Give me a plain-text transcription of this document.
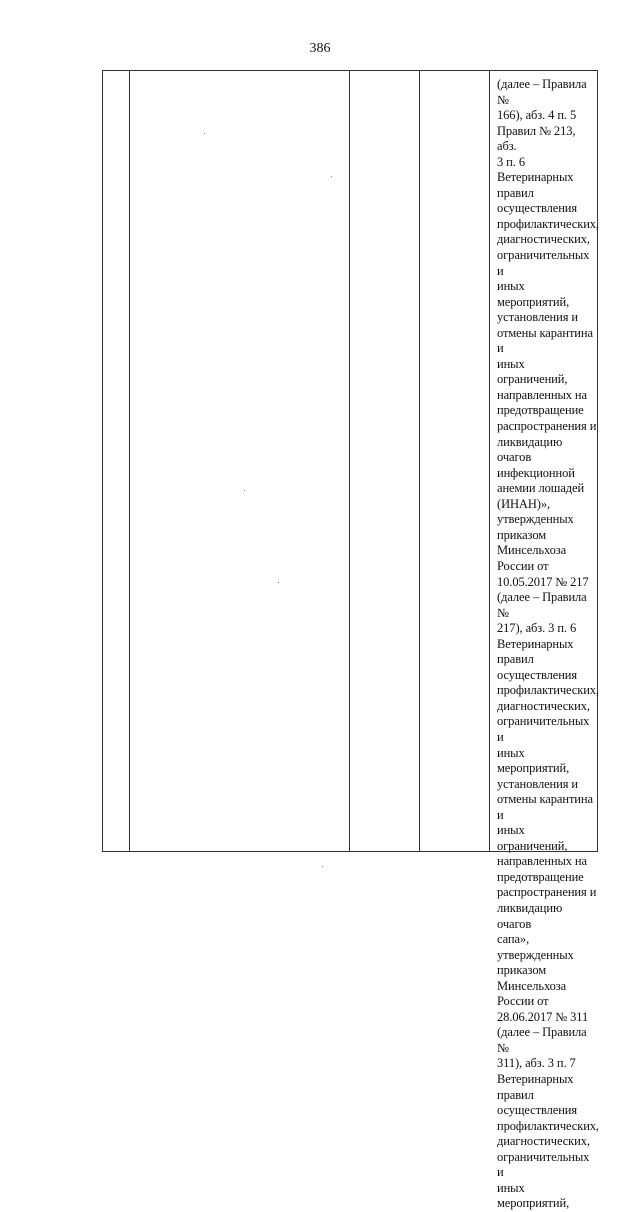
386
(далее – Правила №
166), абз. 4 п. 5
Правил № 213, абз.
3 п. 6
Ветеринарных
правил
осуществления
профилактических,
диагностических,
ограничительных и
иных мероприятий,
установления и
отмены карантина и
иных ограничений,
направленных на
предотвращение
распространения и
ликвидацию очагов
инфекционной
анемии лошадей
(ИНАН)»,
утвержденных
приказом
Минсельхоза
России от
10.05.2017 № 217
(далее – Правила №
217), абз. 3 п. 6
Ветеринарных
правил
осуществления
профилактических,
диагностических,
ограничительных и
иных мероприятий,
установления и
отмены карантина и
иных ограничений,
направленных на
предотвращение
распространения и
ликвидацию очагов
сапа»,
утвержденных
приказом
Минсельхоза
России от
28.06.2017 № 311
(далее – Правила №
311), абз. 3 п. 7
Ветеринарных
правил
осуществления
профилактических,
диагностических,
ограничительных и
иных мероприятий,
